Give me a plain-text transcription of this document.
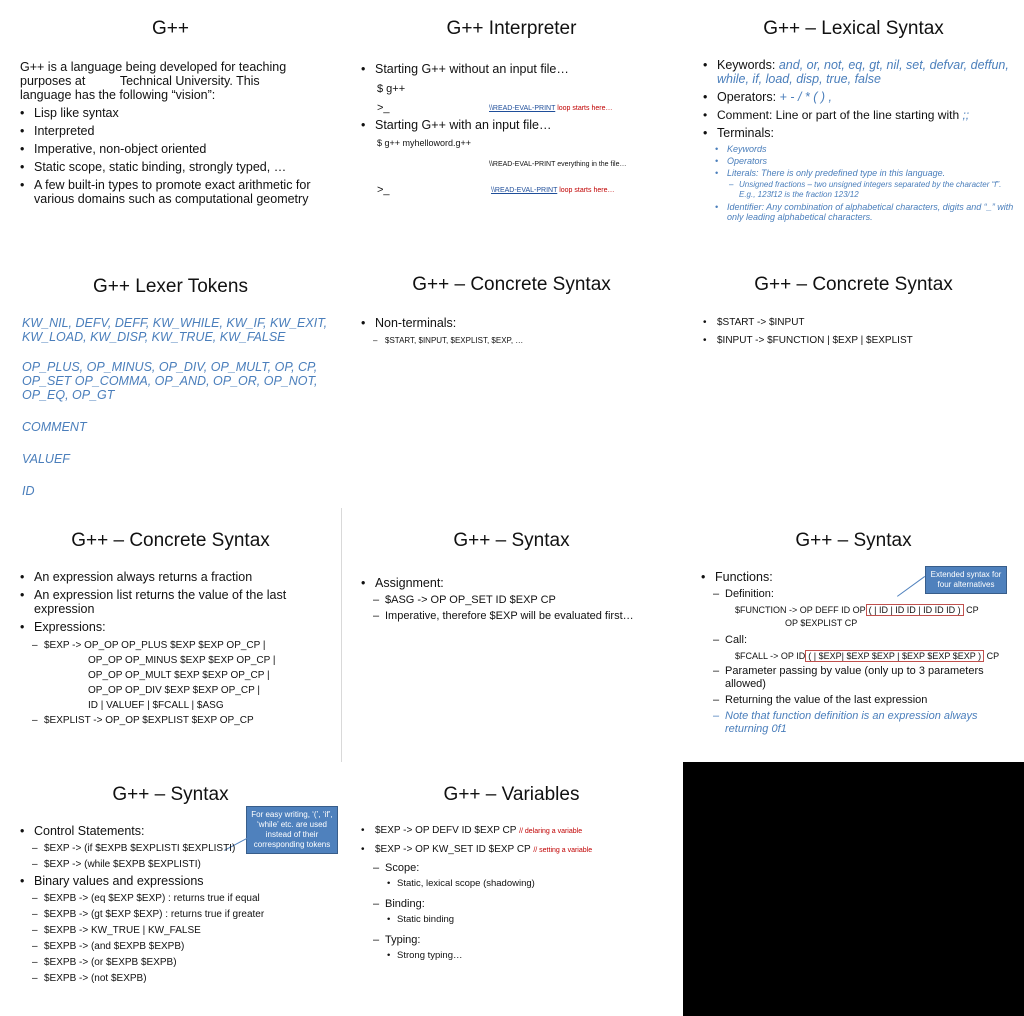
G++
G++ is a language being developed for teaching purposes at          Technical University. This language has the following “vision”:
• Lisp like syntax
• Interpreted
• Imperative, non-object oriented
• Static scope, static binding, strongly typed, …
• A few built-in types to promote exact arithmetic for various domains such as computational geometry
G++ Interpreter
• Starting G++ without an input file…
$ g++
>_	\\READ-EVAL-PRINT loop starts here…
• Starting G++ with an input file…
$ g++ myhelloword.g++
\\READ-EVAL-PRINT everything in the file…
>_	\\READ-EVAL-PRINT loop starts here…
G++ – Lexical Syntax
• Keywords: and, or, not, eq, gt, nil, set, defvar, deffun, while, if, load, disp, true, false
• Operators: + - / * ( ) ,
• Comment: Line or part of the line starting with ;;
• Terminals:
• Keywords
• Operators
• Literals: There is only predefined type in this language.
– Unsigned fractions – two unsigned integers separated by the character “f”. E.g., 123f12 is the fraction 123/12
• Identifier: Any combination of alphabetical characters, digits and “_” with only leading alphabetical characters.
G++ Lexer Tokens
KW_NIL, DEFV, DEFF, KW_WHILE, KW_IF, KW_EXIT, KW_LOAD, KW_DISP, KW_TRUE, KW_FALSE
OP_PLUS, OP_MINUS, OP_DIV, OP_MULT, OP, CP, OP_SET OP_COMMA, OP_AND, OP_OR, OP_NOT, OP_EQ, OP_GT
COMMENT
VALUEF
ID
G++ – Concrete Syntax
• Non-terminals:
– $START, $INPUT, $EXPLIST, $EXP, …
G++ – Concrete Syntax
• $START -> $INPUT
• $INPUT -> $FUNCTION | $EXP | $EXPLIST
G++ – Concrete Syntax
• An expression always returns a fraction
• An expression list returns the value of the last expression
• Expressions:
– $EXP -> OP_OP OP_PLUS $EXP $EXP OP_CP |
OP_OP OP_MINUS $EXP $EXP OP_CP |
OP_OP OP_MULT $EXP $EXP OP_CP |
OP_OP OP_DIV $EXP $EXP OP_CP |
ID | VALUEF | $FCALL | $ASG
– $EXPLIST -> OP_OP $EXPLIST $EXP OP_CP
G++ – Syntax
• Assignment:
– $ASG -> OP OP_SET ID $EXP CP
– Imperative, therefore $EXP will be evaluated first…
G++ – Syntax
Extended syntax for four alternatives
• Functions:
– Definition:
$FUNCTION -> OP DEFF ID OP ( | ID | ID ID | ID ID ID ) CP
OP $EXPLIST CP
– Call:
$FCALL -> OP ID ( | $EXP| $EXP $EXP | $EXP $EXP $EXP ) CP
– Parameter passing by value (only up to 3 parameters allowed)
– Returning the value of the last expression
– Note that function definition is an expression always returning 0f1
G++ – Syntax
For easy writing, ‘(’, ‘if’, ‘while’ etc. are used instead of their corresponding tokens
• Control Statements:
– $EXP -> (if $EXPB $EXPLISTI $EXPLISTI)
– $EXP -> (while $EXPB $EXPLISTI)
• Binary values and expressions
– $EXPB -> (eq $EXP $EXP) : returns true if equal
– $EXPB -> (gt $EXP $EXP) : returns true if greater
– $EXPB -> KW_TRUE | KW_FALSE
– $EXPB -> (and $EXPB $EXPB)
– $EXPB -> (or $EXPB $EXPB)
– $EXPB -> (not $EXPB)
G++ – Variables
• $EXP -> OP DEFV ID $EXP CP // delaring a variable
• $EXP -> OP KW_SET ID $EXP CP // setting a variable
– Scope:
• Static, lexical scope (shadowing)
– Binding:
• Static binding
– Typing:
• Strong typing…
